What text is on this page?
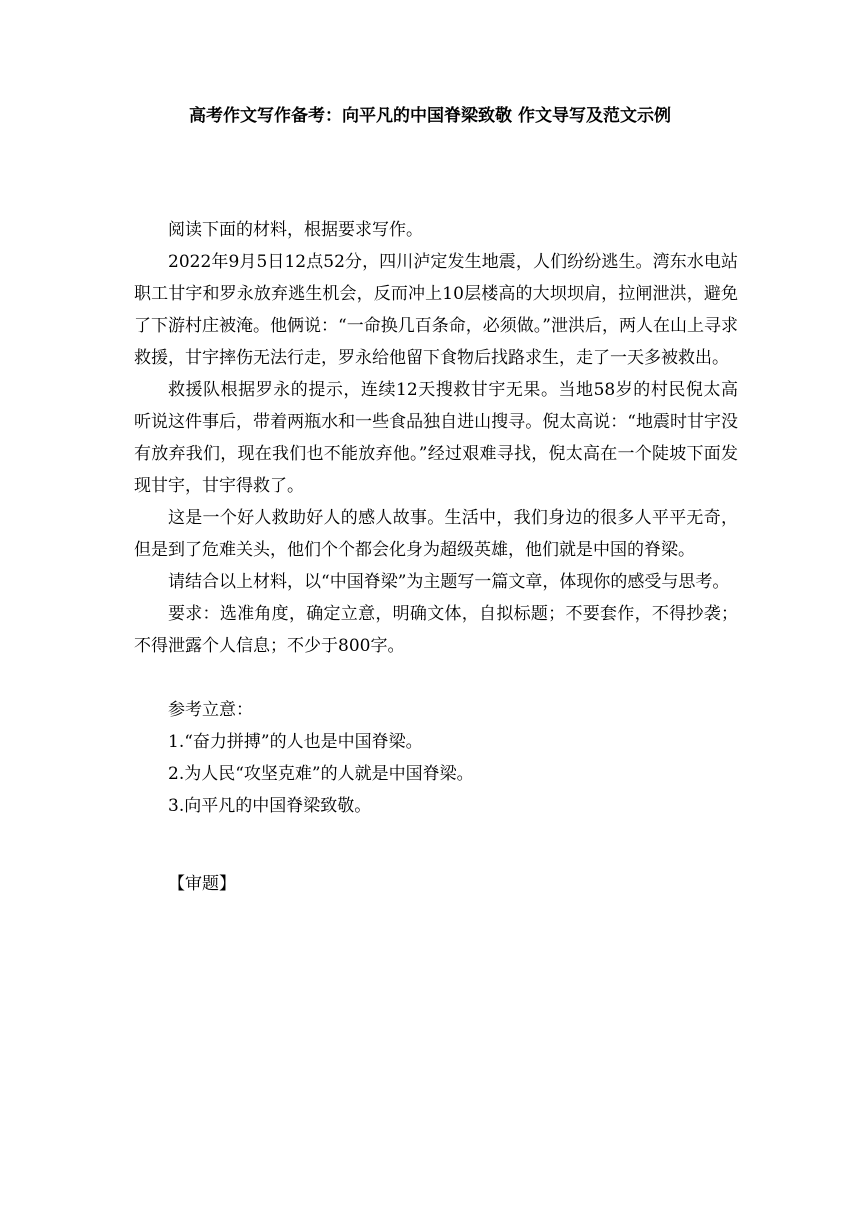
高考作文写作备考：向平凡的中国脊梁致敬 作文导写及范文示例

阅读下面的材料，根据要求写作。

2022年9月5日12点52分，四川泸定发生地震，人们纷纷逃生。湾东水电站职工甘宇和罗永放弃逃生机会，反而冲上10层楼高的大坝坝肩，拉闸泄洪，避免了下游村庄被淹。他俩说：“一命换几百条命，必须做。”泄洪后，两人在山上寻求救援，甘宇摔伤无法行走，罗永给他留下食物后找路求生，走了一天多被救出。

救援队根据罗永的提示，连续12天搜救甘宇无果。当地58岁的村民倪太高听说这件事后，带着两瓶水和一些食品独自进山搜寻。倪太高说：“地震时甘宇没有放弃我们，现在我们也不能放弃他。”经过艰难寻找，倪太高在一个陡坡下面发现甘宇，甘宇得救了。

这是一个好人救助好人的感人故事。生活中，我们身边的很多人平平无奇，但是到了危难关头，他们个个都会化身为超级英雄，他们就是中国的脊梁。

请结合以上材料，以“中国脊梁”为主题写一篇文章，体现你的感受与思考。

要求：选准角度，确定立意，明确文体，自拟标题；不要套作，不得抄袭；不得泄露个人信息；不少于800字。

参考立意：

1.“奋力拼搏”的人也是中国脊梁。

2.为人民“攻坚克难”的人就是中国脊梁。

3.向平凡的中国脊梁致敬。

【审题】
